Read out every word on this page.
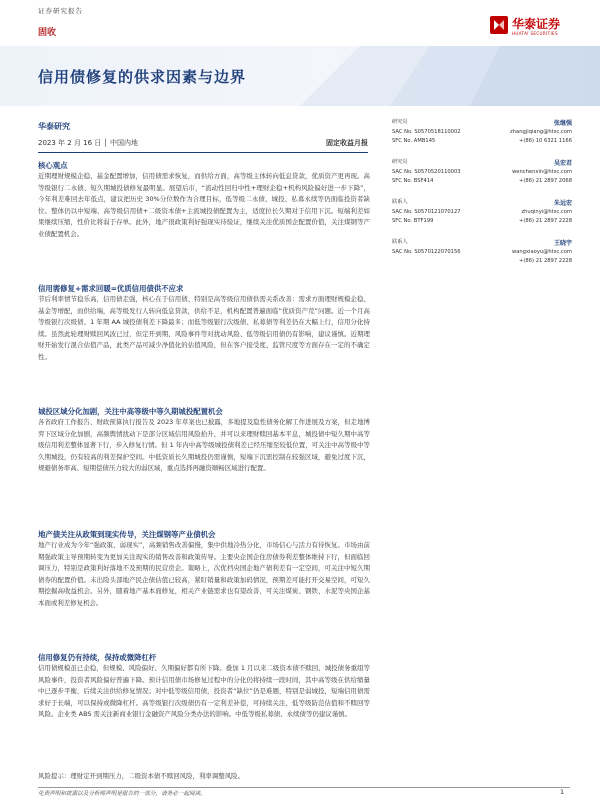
证券研究报告
固收
华泰证券
HUATAI SECURITIES
信用债修复的供求因素与边界
华泰研究
2023 年 2 月 16 日 │ 中国内地	固定收益月报
核心观点
近期理财规模企稳、基金配置增加，信用债需求恢复，而供给方面，高等级主体转向低息贷款，优质资产更再现。高等级银行二永债、短久期城投债修复最明显。展望后市，“流动性回归中性+理财企稳+机构风险偏好进一步下降”，今年利差难回去年低点，建议把历史 30%分位数作为合理目标，低等级二永债、城投、私募永续等仍面临投资者缺位。整体仍以中短端、高等级信用债+二级资本债+主流城投债配置为主，适度拉长久期对于信用下沉。短端利差如果继续压缩，性价比将弱于存单。此外，地产很政策利好强现实待验证，继续关注优质国企配置价值，关注煤钢等产业债配置机会。
信用需修复+需求回暖=优质信用债供不应求
节后利率情节稳乐高，信用债走强，核心在于信用债、特别是高等级信用债供需关系改善：需求方面理财规模企稳、基金等增配，而供给端，高等级发行人转向低息贷款，供给不足，机构配置普遍面临“优质资产荒”问题。近一个月高等级银行次级债、1 年期 AA 城投债利差下降最多；而低等级银行次级债、私募债等利差仍在大幅上行，信用分化持续。虽然此轮理财赎回风波已过，但定开到期、风险事件等对扰动风险、低等级信用债仍有影响，建议谨慎。近期理财开始发行混合估值产品，此类产品可减少净值化的估值风险，但在客户接受度、监管尺度等方面存在一定的不确定性。
城投区域分化加剧，关注中高等级中等久期城投配置机会
各省政府工作报告、财政预算执行报告及 2023 年草案也已披露，多地提及隐性债务化解工作进展及方案，但走地博弈下区域分化加剧，高频舆情扰动下是部分区域信用风险抬升，并可以来理财赎回基本平息，城投债中短久期中高等级信用利差整体显著下行，步入修复行情。但 1 年内中高等级城投债利差已经压缩至较低位置，可关注中高等级中等久期城投，仍有较高的利差保护空间。中低资质长久期城投仍需谨慎，短端下沉需控制在较强区域，避免过度下沉，规避债务率高、短期偿债压力较大的弱区域，重点选择再融资顺畅区域进行配置。
地产债关注从政策到现实传导，关注煤钢等产业债机会
地产行业成为今年“强政策、弱现实”，高频销售改善偏慢，集中供地冷热分化，市场信心与活力有待恢复。市场由前期强政策主导预期转变为更加关注现实的销售改善和政策传导。主要央企国企住房债券利差整体维持下行，但面临回调压力，特别是政策利好落地不及预期的民营房企。策略上，次优档央国企地产债利差有一定空间，可关注中短久期债券的配置价值。未出险头部地产民企债估值已较高，紧盯销量和政策加码情况，预期差可能打开交易空间，可短久期挖掘高收益机会。另外，随着地产基本面修复，相关产业链需求也有望改善，可关注煤炭、钢铁、水泥等央国企基本面或利差修复机会。
信用修复仍有持续，保持或微降杠杆
信用债规模虽已企稳，但规模、风险偏好、久期偏好都有所下降。叠加 1 月以来二级资本债不赎回、城投债务重组等风险事件，投资者风险偏好普遍下降。预计信用债市场修复过程中的分化仍将持续一段时间，其中高等级在供给缩量中已逐步平衡，后续关注供给修复情况；对中低等级信用债，投资者“缺位”仍是难题，特别是弱城投，短端信用债需求好于长端，可以保持或微降杠杆。高等级银行次级债仍有一定利差补偿，可持续关注，低等级防范估值和不赎回等风险。企业类 ABS 需关注新商业银行金融资产风险分类办法的影响。中低等级私募债、永续债等仍建议谨慎。
风险提示：理财定开到期压力，二级资本债不赎回风险，利率调整风险。
研究员	张继强
SAC No. S0570518110002	zhangjiqiang@htsc.com
SFC No. AMB145	+(86) 10 6321 1166
研究员	吴宏君
SAC No. S0570520110003	wenchenxin@htsc.com
SFC No. BSF414	+(86) 21 2897 2068
联系人	朱远宏
SAC No. S0570121070127	zhuqinyi@htsc.com
SFC No. BTF199	+(86) 21 2897 2228
联系人	王晓宇
SAC No. S0570122070156	wangxiaoyu@htsc.com
+(86) 21 2897 2228
免责声明和披露以及分析师声明是报告的一部分，请务必一起阅读。	1
